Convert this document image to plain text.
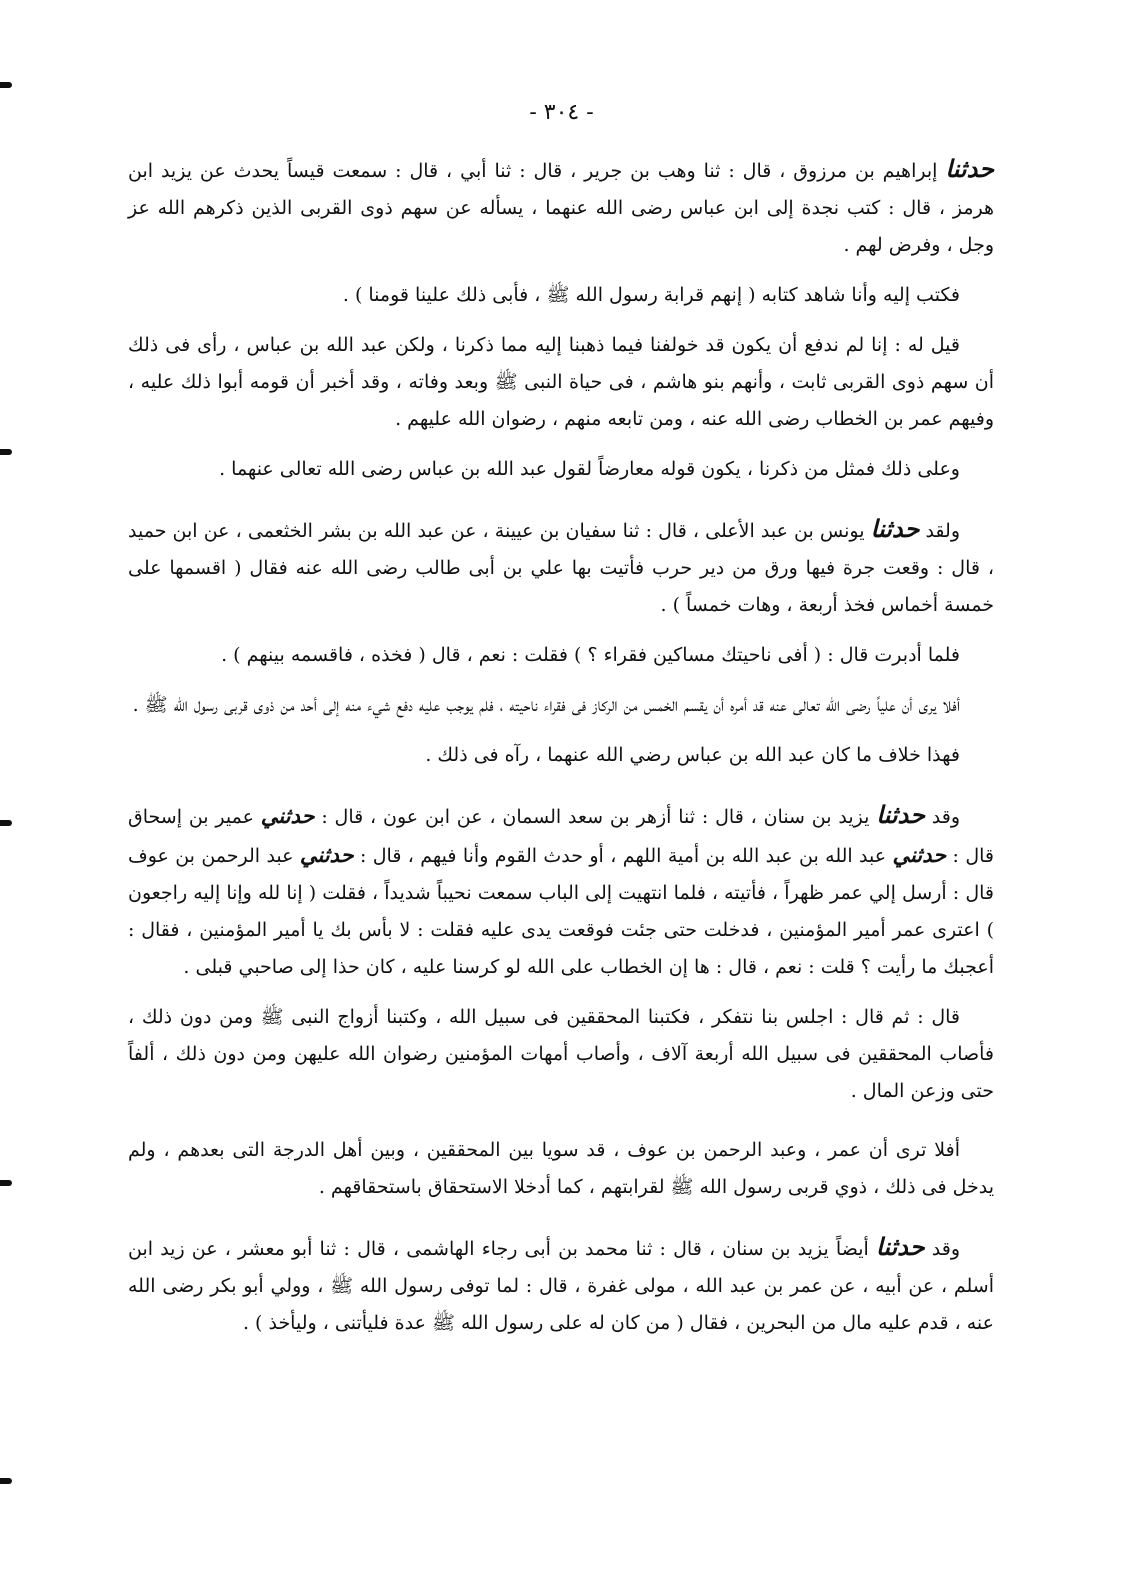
- ٣٠٤ -

حدثنا إبراهيم بن مرزوق ، قال : ثنا وهب بن جرير ، قال : ثنا أبي ، قال : سمعت قيساً يحدث عن يزيد ابن هرمز ، قال : كتب نجدة إلى ابن عباس رضى الله عنهما ، يسأله عن سهم ذوى القربى الذين ذكرهم الله عز وجل ، وفرض لهم .

فكتب إليه وأنا شاهد كتابه ( إنهم قرابة رسول الله ﷺ ، فأبى ذلك علينا قومنا ) .

قيل له : إنا لم ندفع أن يكون قد خولفنا فيما ذهبنا إليه مما ذكرنا ، ولكن عبد الله بن عباس ، رأى فى ذلك أن سهم ذوى القربى ثابت ، وأنهم بنو هاشم ، فى حياة النبى ﷺ وبعد وفاته ، وقد أخبر أن قومه أبوا ذلك عليه ، وفيهم عمر بن الخطاب رضى الله عنه ، ومن تابعه منهم ، رضوان الله عليهم .

وعلى ذلك فمثل من ذكرنا ، يكون قوله معارضاً لقول عبد الله بن عباس رضى الله تعالى عنهما .

ولقد حدثنا يونس بن عبد الأعلى ، قال : ثنا سفيان بن عيينة ، عن عبد الله بن بشر الخثعمى ، عن ابن حميد ، قال : وقعت جرة فيها ورق من دير حرب فأتيت بها علي بن أبى طالب رضى الله عنه فقال ( اقسمها على خمسة أخماس فخذ أربعة ، وهات خمساً ) .

فلما أدبرت قال : ( أفى ناحيتك مساكين فقراء ؟ ) فقلت : نعم ، قال ( فخذه ، فاقسمه بينهم ) .

أفلا يرى أن علياً رضى الله تعالى عنه قد أمره أن يقسم الخمس من الركاز فى فقراء ناحيته ، فلم يوجب عليه دفع شيء منه إلى أحد من ذوى قربى رسول الله ﷺ .

فهذا خلاف ما كان عبد الله بن عباس رضي الله عنهما ، رآه فى ذلك .

وقد حدثنا يزيد بن سنان ، قال : ثنا أزهر بن سعد السمان ، عن ابن عون ، قال : حدثني عمير بن إسحاق قال : حدثني عبد الله بن عبد الله بن أمية اللهم ، أو حدث القوم وأنا فيهم ، قال : حدثني عبد الرحمن بن عوف قال : أرسل إلي عمر ظهراً ، فأتيته ، فلما انتهيت إلى الباب سمعت نحيباً شديداً ، فقلت ( إنا لله وإنا إليه راجعون ) اعترى عمر أمير المؤمنين ، فدخلت حتى جئت فوقعت يدى عليه فقلت : لا بأس بك يا أمير المؤمنين ، فقال : أعجبك ما رأيت ؟ قلت : نعم ، قال : ها إن الخطاب على الله لو كرسنا عليه ، كان حذا إلى صاحبي قبلى .

قال : ثم قال : اجلس بنا نتفكر ، فكتبنا المحققين فى سبيل الله ، وكتبنا أزواج النبى ﷺ ومن دون ذلك ، فأصاب المحققين فى سبيل الله أربعة آلاف ، وأصاب أمهات المؤمنين رضوان الله عليهن ومن دون ذلك ، ألفاً حتى وزعن المال .

أفلا ترى أن عمر ، وعبد الرحمن بن عوف ، قد سويا بين المحققين ، وبين أهل الدرجة التى بعدهم ، ولم يدخل فى ذلك ، ذوي قربى رسول الله ﷺ لقرابتهم ، كما أدخلا الاستحقاق باستحقاقهم .

وقد حدثنا أيضاً يزيد بن سنان ، قال : ثنا محمد بن أبى رجاء الهاشمى ، قال : ثنا أبو معشر ، عن زيد ابن أسلم ، عن أبيه ، عن عمر بن عبد الله ، مولى غفرة ، قال : لما توفى رسول الله ﷺ ، وولي أبو بكر رضى الله عنه ، قدم عليه مال من البحرين ، فقال ( من كان له على رسول الله ﷺ عدة فليأتنى ، وليأخذ ) .
